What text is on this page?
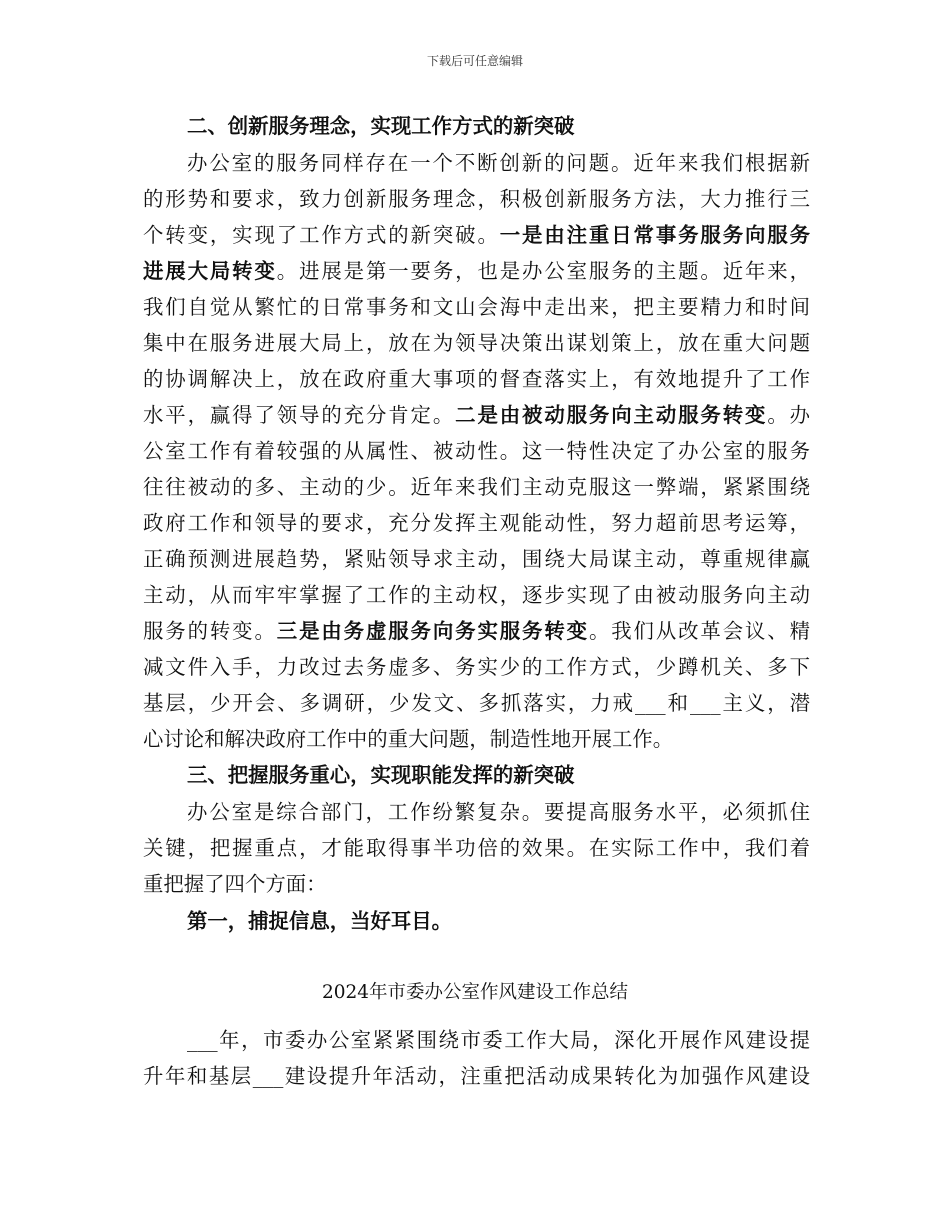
下载后可任意编辑
二、创新服务理念，实现工作方式的新突破
办公室的服务同样存在一个不断创新的问题。近年来我们根据新
的形势和要求，致力创新服务理念，积极创新服务方法，大力推行三
个转变，实现了工作方式的新突破。一是由注重日常事务服务向服务
进展大局转变。进展是第一要务，也是办公室服务的主题。近年来，
我们自觉从繁忙的日常事务和文山会海中走出来，把主要精力和时间
集中在服务进展大局上，放在为领导决策出谋划策上，放在重大问题
的协调解决上，放在政府重大事项的督查落实上，有效地提升了工作
水平，赢得了领导的充分肯定。二是由被动服务向主动服务转变。办
公室工作有着较强的从属性、被动性。这一特性决定了办公室的服务
往往被动的多、主动的少。近年来我们主动克服这一弊端，紧紧围绕
政府工作和领导的要求，充分发挥主观能动性，努力超前思考运筹，
正确预测进展趋势，紧贴领导求主动，围绕大局谋主动，尊重规律赢
主动，从而牢牢掌握了工作的主动权，逐步实现了由被动服务向主动
服务的转变。三是由务虚服务向务实服务转变。我们从改革会议、精
减文件入手，力改过去务虚多、务实少的工作方式，少蹲机关、多下
基层，少开会、多调研，少发文、多抓落实，力戒___和___主义，潜
心讨论和解决政府工作中的重大问题，制造性地开展工作。
三、把握服务重心，实现职能发挥的新突破
办公室是综合部门，工作纷繁复杂。要提高服务水平，必须抓住
关键，把握重点，才能取得事半功倍的效果。在实际工作中，我们着
重把握了四个方面：
第一，捕捉信息，当好耳目。
2024年市委办公室作风建设工作总结
___年，市委办公室紧紧围绕市委工作大局，深化开展作风建设提
升年和基层___建设提升年活动，注重把活动成果转化为加强作风建设
